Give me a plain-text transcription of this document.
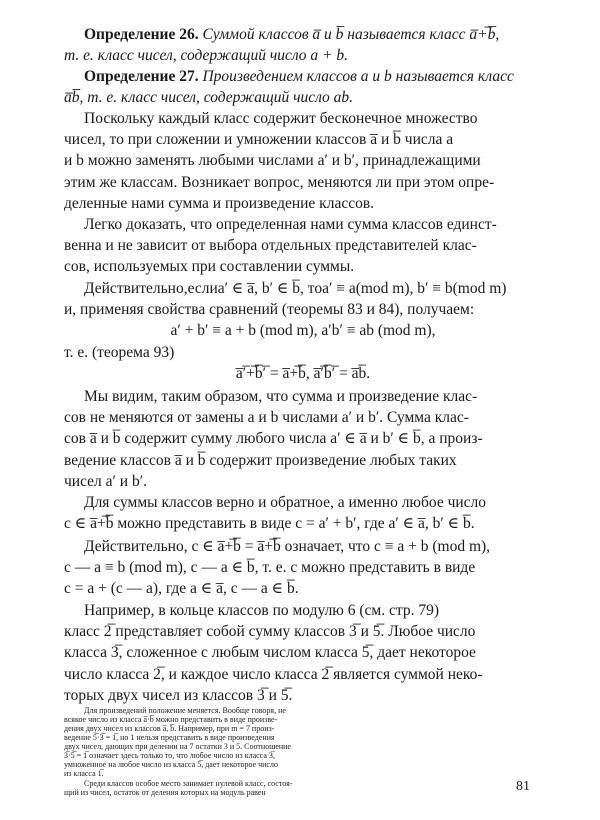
Определение 26. Суммой классов a̅ и b̅ называется класс a̅+̅b̅,
т. е. класс чисел, содержащий число a + b.
Определение 27. Произведением классов a и b называется класс
a̅b̅, т. е. класс чисел, содержащий число ab.
Поскольку каждый класс содержит бесконечное множество
чисел, то при сложении и умножении классов a̅ и b̅ числа a
и b можно заменять любыми числами a′ и b′, принадлежащими
этим же классам. Возникает вопрос, меняются ли при этом опре-
деленные нами сумма и произведение классов.
Легко доказать, что определенная нами сумма классов единст-
венна и не зависит от выбора отдельных представителей клас-
сов, используемых при составлении суммы.
Действительно,еслиa′ ∈ a̅, b′ ∈ b̅, тоa′ ≡ a(mod m), b′ ≡ b(mod m)
и, применяя свойства сравнений (теоремы 83 и 84), получаем:
a′ + b′ ≡ a + b (mod m), a′b′ ≡ ab (mod m),
т. е. (теорема 93)
a̅′̅+̅b̅′̅ = a̅+̅b̅, a̅′̅b̅′̅ = a̅b̅.
Мы видим, таким образом, что сумма и произведение клас-
сов не меняются от замены a и b числами a′ и b′. Сумма клас-
сов a̅ и b̅ содержит сумму любого числа a′ ∈ a̅ и b′ ∈ b̅, а произ-
ведение классов a̅ и b̅ содержит произведение любых таких
чисел a′ и b′.
Для суммы классов верно и обратное, а именно любое число
c ∈ a̅+̅b̅ можно представить в виде c = a′ + b′, где a′ ∈ a̅, b′ ∈ b̅.
Действительно, c ∈ a̅+̅b̅ = a̅+̅b̅ означает, что c ≡ a + b (mod m),
c — a ≡ b (mod m), c — a ∈ b̅, т. е. c можно представить в виде
c = a + (c — a), где a ∈ a̅, c — a ∈ b̅.
Например, в кольце классов по модулю 6 (см. стр. 79)
класс 2̅ представляет собой сумму классов 3̅ и 5̅. Любое число
класса 3̅, сложенное с любым числом класса 5̅, дает некоторое
число класса 2̅, и каждое число класса 2̅ является суммой неко-
торых двух чисел из классов 3̅ и 5̅.
Для произведений положение меняется. Вообще говоря, не
всякое число из класса a̅·b̅ можно представить в виде произве-
дения двух чисел из классов a̅, b̅. Например, при m = 7 произ-
ведение 5̅·3̅ = 1̅, но 1 нельзя представить в виде произведения
двух чисел, дающих при делении на 7 остатки 3 и 5. Соотношение
3̅·5̅ = 1̅ означает здесь только то, что любое число из класса 3̅,
умноженное на любое число из класса 5̅, дает некоторое число
из класса 1̅.
Среди классов особое место занимает нулевой класс, состоя-
щий из чисел, остаток от деления которых на модуль равен	81
